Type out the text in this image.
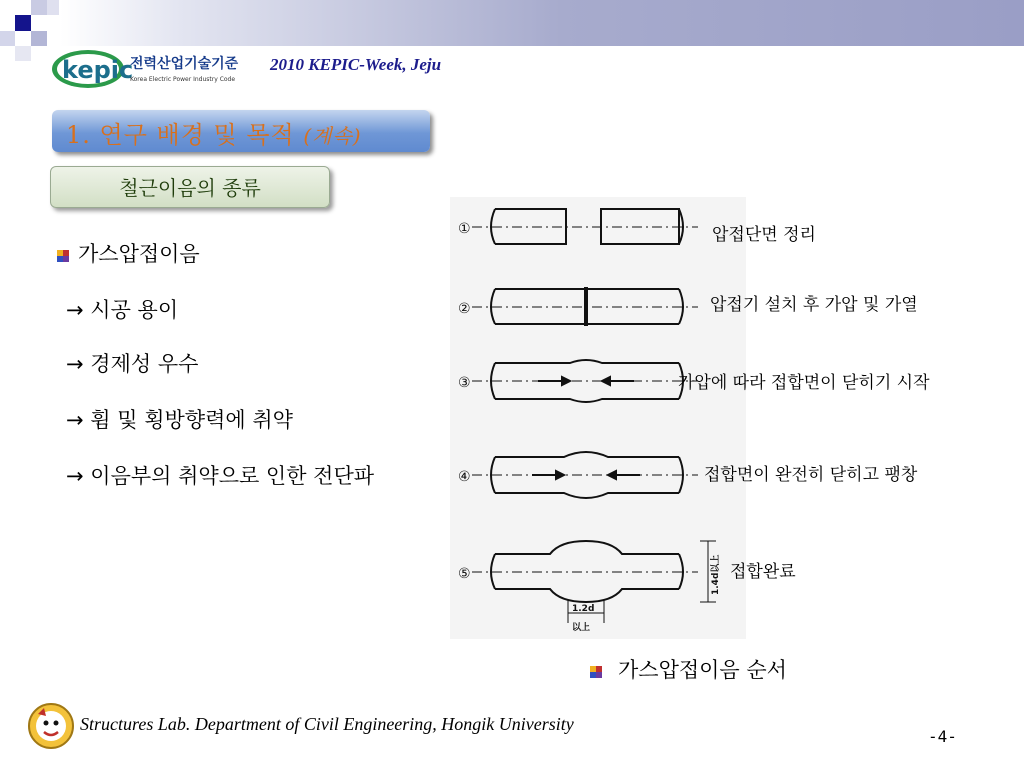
kepic
전력산업기술기준
Korea Electric Power Industry Code
2010 KEPIC-Week, Jeju
1. 연구 배경 및 목적 (계속)
철근이음의 종류
가스압접이음
→ 시공 용이
→ 경제성 우수
→ 휨 및 횡방향력에 취약
→ 이음부의 취약으로 인한 전단파
①
②
③
④
⑤
1.2d
以上
1.4d以上
압접단면 정리
압접기 설치 후 가압 및 가열
가압에 따라 접합면이 닫히기 시작
접합면이 완전히 닫히고 팽창
접합완료
가스압접이음 순서
Structures Lab. Department of Civil Engineering, Hongik University
-4-
